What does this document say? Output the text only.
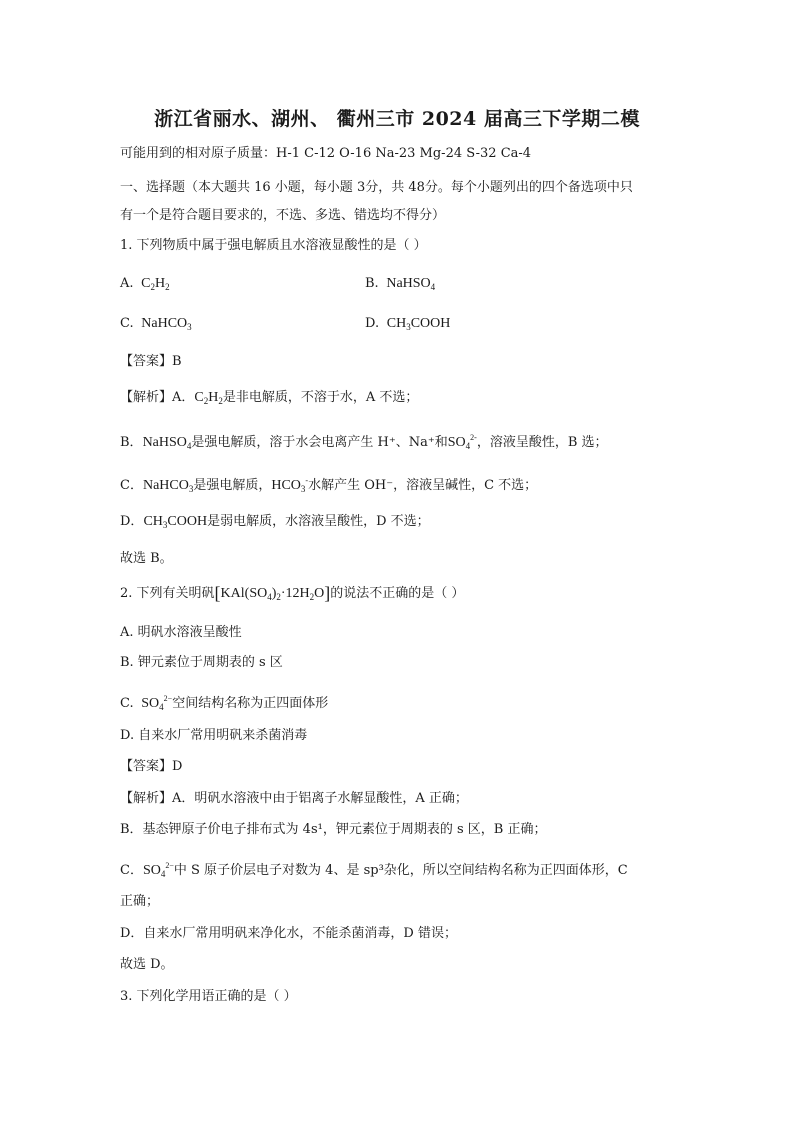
浙江省丽水、湖州、 衢州三市 2024 届高三下学期二模
可能用到的相对原子质量：H-1 C-12 O-16 Na-23 Mg-24 S-32 Ca-4
一、选择题（本大题共 16 小题，每小题 3分，共 48分。每个小题列出的四个备选项中只
有一个是符合题目要求的，不选、多选、错选均不得分）
1. 下列物质中属于强电解质且水溶液显酸性的是（ ）
A.  $C_2H_2$	B.  NaHSO$_4$
C.  NaHCO$_3$	D.  $CH_3COOH$
【答案】B
【解析】A．$C_2H_2$是非电解质，不溶于水，A 不选；
B．NaHSO$_4$是强电解质，溶于水会电离产生 H⁺、Na⁺和$SO_4^{2-}$，溶液呈酸性，B 选；
C．NaHCO$_3$是强电解质，$HCO_3^-$水解产生 OH⁻，溶液呈碱性，C 不选；
D．$CH_3COOH$是弱电解质，水溶液呈酸性，D 不选；
故选 B。
2. 下列有关明矾$[KAl(SO_4)_2\cdot 12H_2O]$的说法不正确的是（ ）
A. 明矾水溶液呈酸性
B. 钾元素位于周期表的 s 区
C.  $SO_4^{2-}$空间结构名称为正四面体形
D. 自来水厂常用明矾来杀菌消毒
【答案】D
【解析】A．明矾水溶液中由于铝离子水解显酸性，A 正确；
B．基态钾原子价电子排布式为 4s¹，钾元素位于周期表的 s 区，B 正确；
C．$SO_4^{2-}$中 S 原子价层电子对数为 4、是 sp³杂化，所以空间结构名称为正四面体形，C
正确；
D．自来水厂常用明矾来净化水，不能杀菌消毒，D 错误；
故选 D。
3. 下列化学用语正确的是（ ）
